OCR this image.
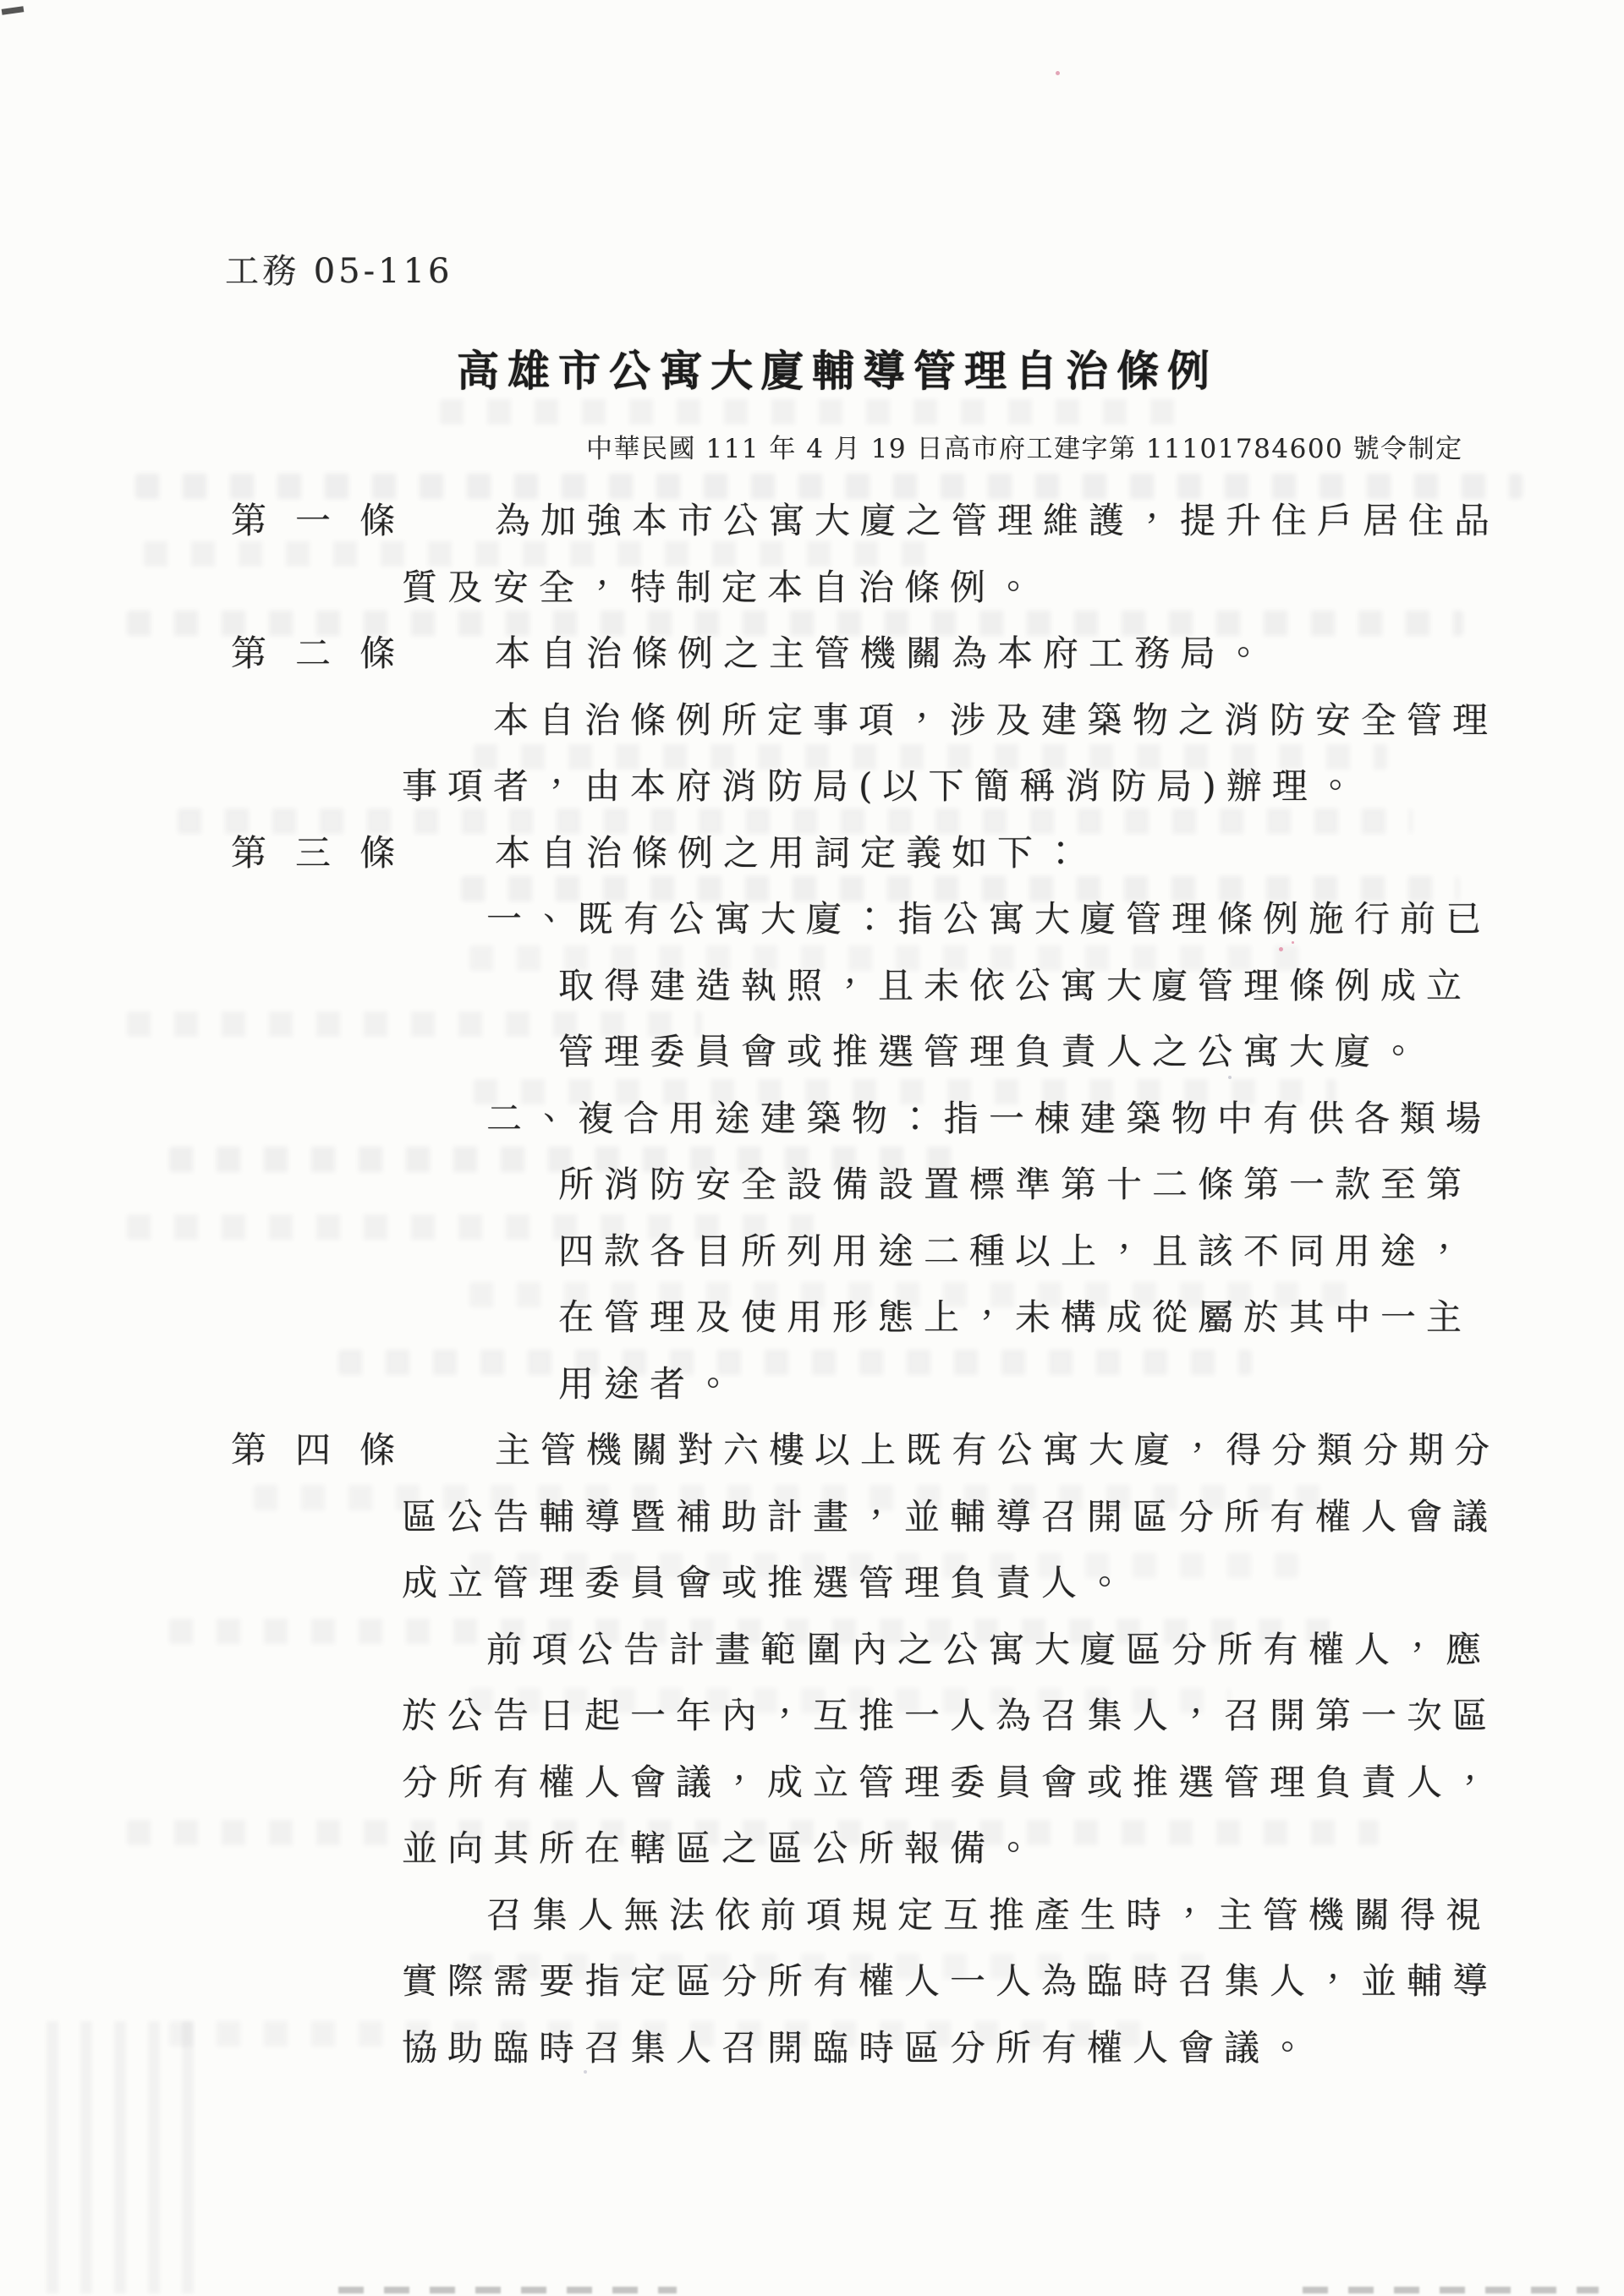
工務 05-116
高雄市公寓大廈輔導管理自治條例
中華民國 111 年 4 月 19 日高市府工建字第 11101784600 號令制定
第 一 條	為加強本市公寓大廈之管理維護，提升住戶居住品
質及安全，特制定本自治條例。
第 二 條	本自治條例之主管機關為本府工務局。
本自治條例所定事項，涉及建築物之消防安全管理
事項者，由本府消防局(以下簡稱消防局)辦理。
第 三 條	本自治條例之用詞定義如下：
一、既有公寓大廈：指公寓大廈管理條例施行前已
取得建造執照，且未依公寓大廈管理條例成立
管理委員會或推選管理負責人之公寓大廈。
二、複合用途建築物：指一棟建築物中有供各類場
所消防安全設備設置標準第十二條第一款至第
四款各目所列用途二種以上，且該不同用途，
在管理及使用形態上，未構成從屬於其中一主
用途者。
第 四 條	主管機關對六樓以上既有公寓大廈，得分類分期分
區公告輔導暨補助計畫，並輔導召開區分所有權人會議
成立管理委員會或推選管理負責人。
前項公告計畫範圍內之公寓大廈區分所有權人，應
於公告日起一年內，互推一人為召集人，召開第一次區
分所有權人會議，成立管理委員會或推選管理負責人，
並向其所在轄區之區公所報備。
召集人無法依前項規定互推產生時，主管機關得視
實際需要指定區分所有權人一人為臨時召集人，並輔導
協助臨時召集人召開臨時區分所有權人會議。
